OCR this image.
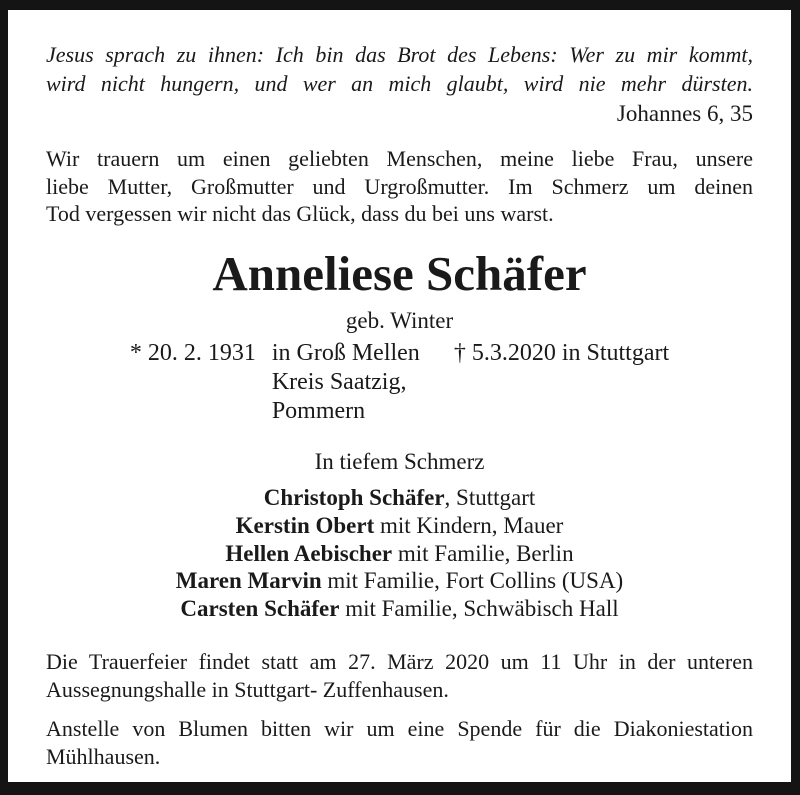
Jesus sprach zu ihnen: Ich bin das Brot des Lebens: Wer zu mir kommt,
wird nicht hungern, und wer an mich glaubt, wird nie mehr dürsten.
Johannes 6, 35
Wir trauern um einen geliebten Menschen, meine liebe Frau, unsere
liebe Mutter, Großmutter und Urgroßmutter. Im Schmerz um deinen
Tod vergessen wir nicht das Glück, dass du bei uns warst.
Anneliese Schäfer
geb. Winter
* 20. 2. 1931 in Groß Mellen
Kreis Saatzig,
Pommern
† 5.3.2020 in Stuttgart
In tiefem Schmerz
Christoph Schäfer, Stuttgart
Kerstin Obert mit Kindern, Mauer
Hellen Aebischer mit Familie, Berlin
Maren Marvin mit Familie, Fort Collins (USA)
Carsten Schäfer mit Familie, Schwäbisch Hall
Die Trauerfeier findet statt am 27. März 2020 um 11 Uhr in der unteren
Aussegnungshalle in Stuttgart- Zuffenhausen.
Anstelle von Blumen bitten wir um eine Spende für die Diakoniestation
Mühlhausen.
